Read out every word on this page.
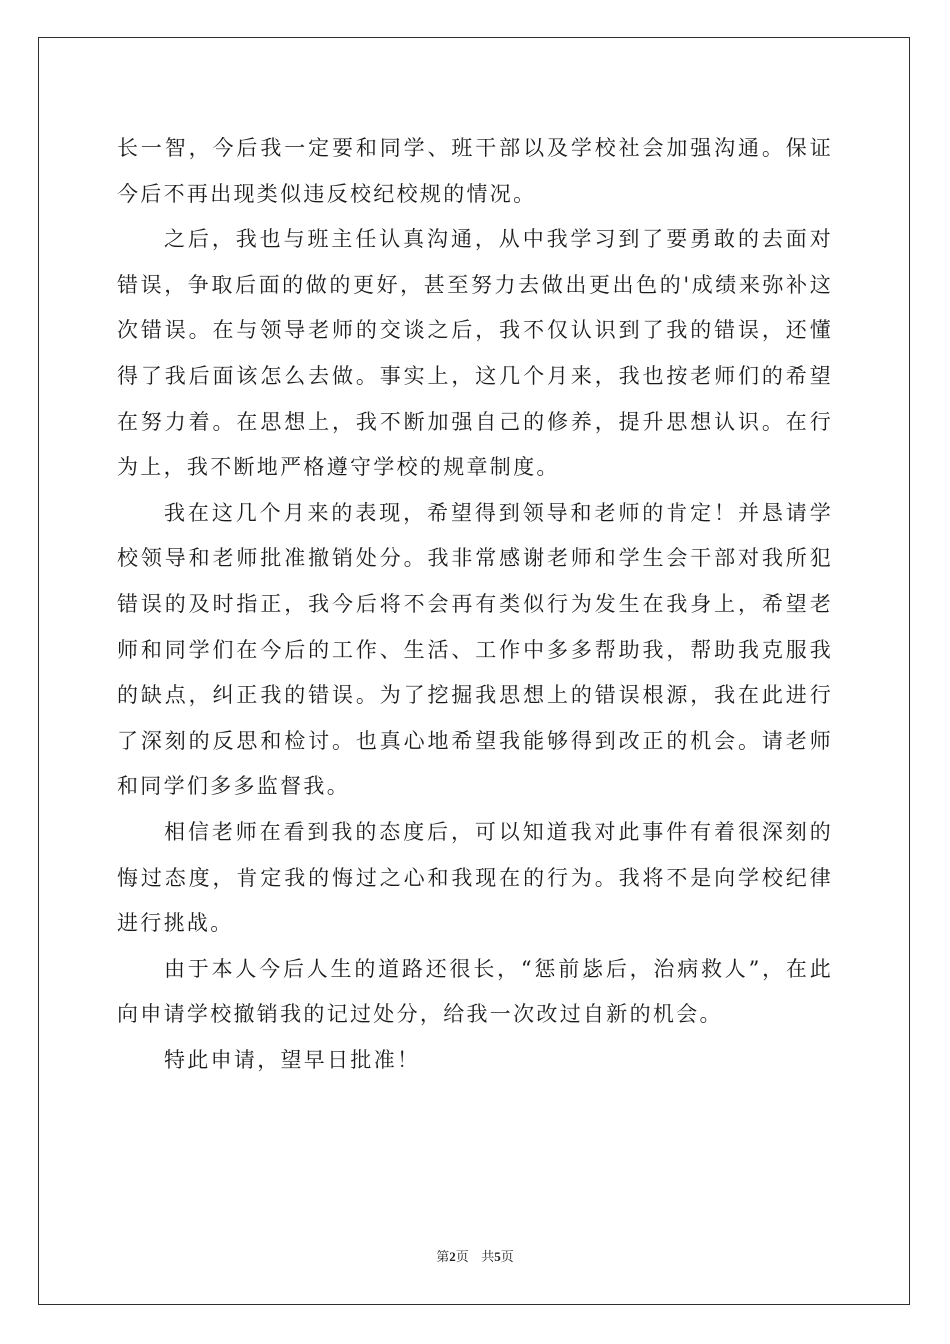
长一智，今后我一定要和同学、班干部以及学校社会加强沟通。保证今后不再出现类似违反校纪校规的情况。

之后，我也与班主任认真沟通，从中我学习到了要勇敢的去面对错误，争取后面的做的更好，甚至努力去做出更出色的'成绩来弥补这次错误。在与领导老师的交谈之后，我不仅认识到了我的错误，还懂得了我后面该怎么去做。事实上，这几个月来，我也按老师们的希望在努力着。在思想上，我不断加强自己的修养，提升思想认识。在行为上，我不断地严格遵守学校的规章制度。

我在这几个月来的表现，希望得到领导和老师的肯定！并恳请学校领导和老师批准撤销处分。我非常感谢老师和学生会干部对我所犯错误的及时指正，我今后将不会再有类似行为发生在我身上，希望老师和同学们在今后的工作、生活、工作中多多帮助我，帮助我克服我的缺点，纠正我的错误。为了挖掘我思想上的错误根源，我在此进行了深刻的反思和检讨。也真心地希望我能够得到改正的机会。请老师和同学们多多监督我。

相信老师在看到我的态度后，可以知道我对此事件有着很深刻的悔过态度，肯定我的悔过之心和我现在的行为。我将不是向学校纪律进行挑战。

由于本人今后人生的道路还很长，“惩前毖后，治病救人”，在此向申请学校撤销我的记过处分，给我一次改过自新的机会。

特此申请，望早日批准！

第2页 共5页
